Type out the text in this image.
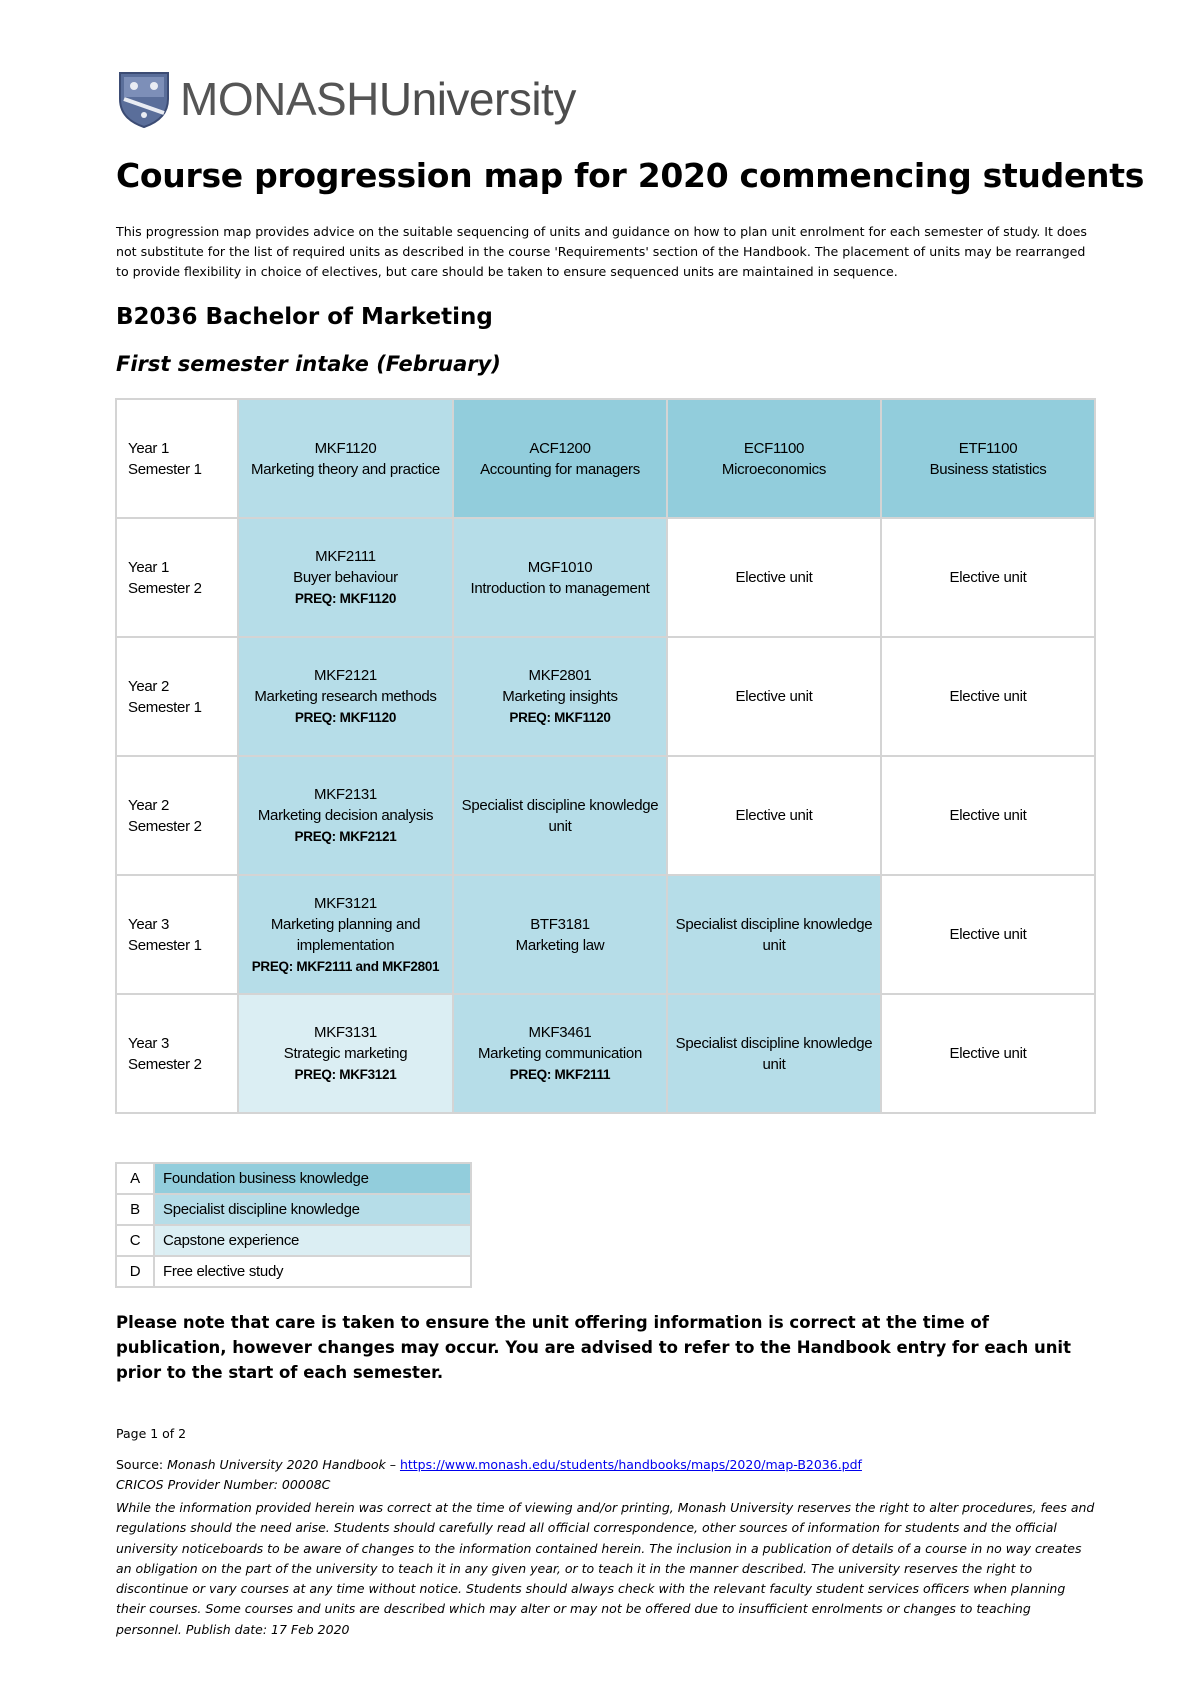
MONASHUniversity
Course progression map for 2020 commencing students

This progression map provides advice on the suitable sequencing of units and guidance on how to plan unit enrolment for each semester of study. It does not substitute for the list of required units as described in the course 'Requirements' section of the Handbook. The placement of units may be rearranged to provide flexibility in choice of electives, but care should be taken to ensure sequenced units are maintained in sequence.

B2036 Bachelor of Marketing
First semester intake (February)
Year 1
Semester 1	MKF1120
Marketing theory and practice	ACF1200
Accounting for managers	ECF1100
Microeconomics	ETF1100
Business statistics

Year 1
Semester 2	MKF2111
Buyer behaviour
PREQ: MKF1120	MGF1010
Introduction to management	Elective unit	Elective unit

Year 2
Semester 1	MKF2121
Marketing research methods
PREQ: MKF1120	MKF2801
Marketing insights
PREQ: MKF1120	Elective unit	Elective unit

Year 2
Semester 2	MKF2131
Marketing decision analysis
PREQ: MKF2121	Specialist discipline knowledge unit	Elective unit	Elective unit

Year 3
Semester 1	MKF3121
Marketing planning and implementation
PREQ: MKF2111 and MKF2801	BTF3181
Marketing law	Specialist discipline knowledge unit	Elective unit

Year 3
Semester 2	MKF3131
Strategic marketing
PREQ: MKF3121	MKF3461
Marketing communication
PREQ: MKF2111	Specialist discipline knowledge unit	Elective unit
A	Foundation business knowledge
B	Specialist discipline knowledge
C	Capstone experience
D	Free elective study

Please note that care is taken to ensure the unit offering information is correct at the time of publication, however changes may occur. You are advised to refer to the Handbook entry for each unit prior to the start of each semester.

Page 1 of 2

Source: Monash University 2020 Handbook – https://www.monash.edu/students/handbooks/maps/2020/map-B2036.pdf

CRICOS Provider Number: 00008C

While the information provided herein was correct at the time of viewing and/or printing, Monash University reserves the right to alter procedures, fees and regulations should the need arise. Students should carefully read all official correspondence, other sources of information for students and the official university noticeboards to be aware of changes to the information contained herein. The inclusion in a publication of details of a course in no way creates an obligation on the part of the university to teach it in any given year, or to teach it in the manner described. The university reserves the right to discontinue or vary courses at any time without notice. Students should always check with the relevant faculty student services officers when planning their courses. Some courses and units are described which may alter or may not be offered due to insufficient enrolments or changes to teaching personnel. Publish date: 17 Feb 2020
